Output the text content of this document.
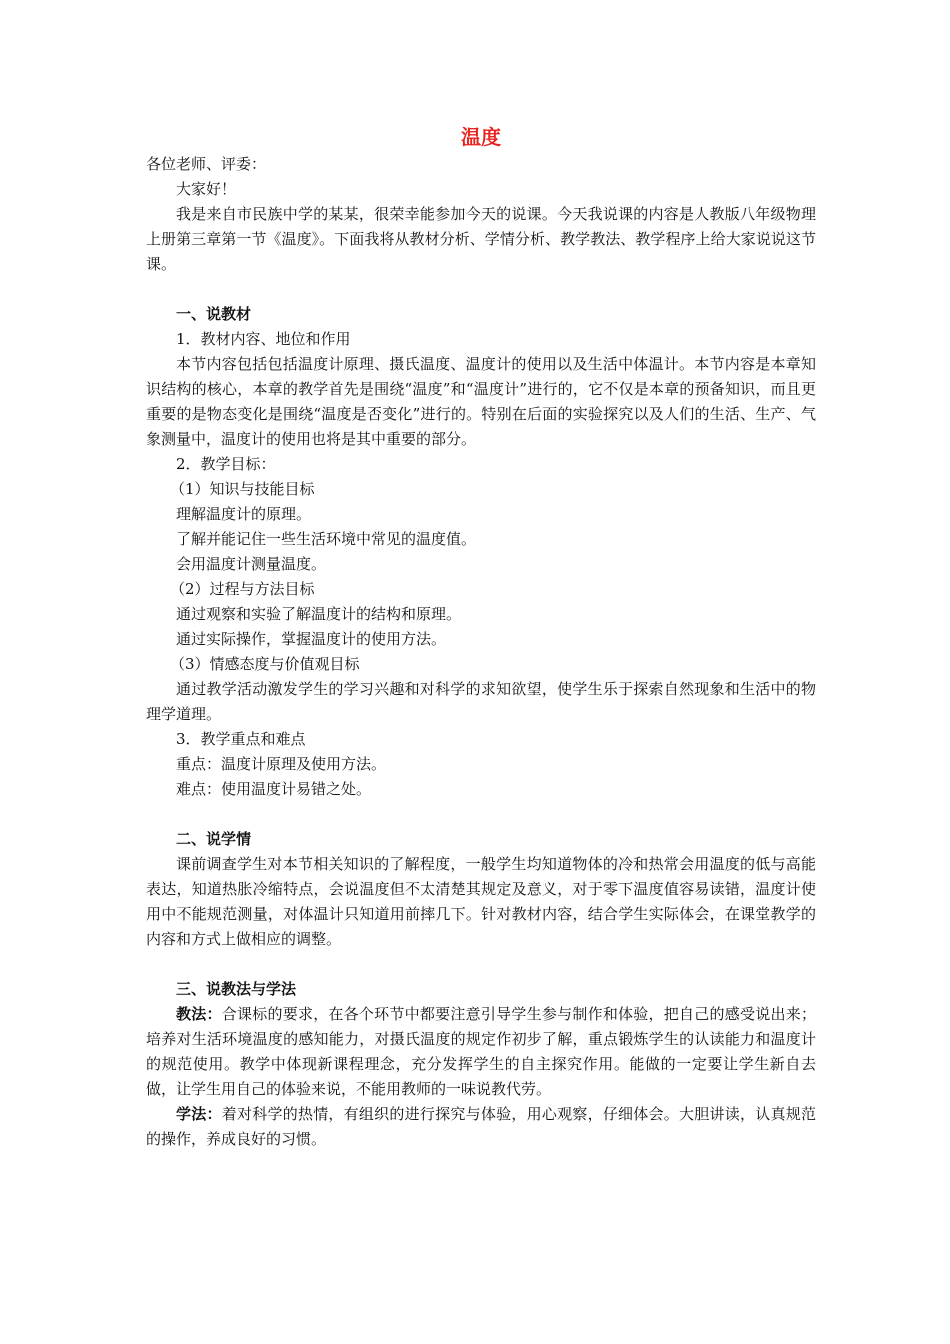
温度

各位老师、评委：

大家好！

我是来自市民族中学的某某，很荣幸能参加今天的说课。今天我说课的内容是人教版八年级物理上册第三章第一节《温度》。下面我将从教材分析、学情分析、教学教法、教学程序上给大家说说这节课。

一、说教材

1．教材内容、地位和作用

本节内容包括包括温度计原理、摄氏温度、温度计的使用以及生活中体温计。本节内容是本章知识结构的核心，本章的教学首先是围绕“温度”和“温度计”进行的，它不仅是本章的预备知识，而且更重要的是物态变化是围绕“温度是否变化”进行的。特别在后面的实验探究以及人们的生活、生产、气象测量中，温度计的使用也将是其中重要的部分。

2．教学目标：

（1）知识与技能目标

理解温度计的原理。

了解并能记住一些生活环境中常见的温度值。

会用温度计测量温度。

（2）过程与方法目标

通过观察和实验了解温度计的结构和原理。

通过实际操作，掌握温度计的使用方法。

（3）情感态度与价值观目标

通过教学活动激发学生的学习兴趣和对科学的求知欲望，使学生乐于探索自然现象和生活中的物理学道理。

3．教学重点和难点

重点：温度计原理及使用方法。

难点：使用温度计易错之处。

二、说学情

课前调查学生对本节相关知识的了解程度，一般学生均知道物体的冷和热常会用温度的低与高能表达，知道热胀冷缩特点，会说温度但不太清楚其规定及意义，对于零下温度值容易读错，温度计使用中不能规范测量，对体温计只知道用前摔几下。针对教材内容，结合学生实际体会，在课堂教学的内容和方式上做相应的调整。

三、说教法与学法

教法：合课标的要求，在各个环节中都要注意引导学生参与制作和体验，把自己的感受说出来；培养对生活环境温度的感知能力，对摄氏温度的规定作初步了解，重点锻炼学生的认读能力和温度计的规范使用。教学中体现新课程理念，充分发挥学生的自主探究作用。能做的一定要让学生新自去做，让学生用自己的体验来说，不能用教师的一味说教代劳。

学法：着对科学的热情，有组织的进行探究与体验，用心观察，仔细体会。大胆讲读，认真规范的操作，养成良好的习惯。
